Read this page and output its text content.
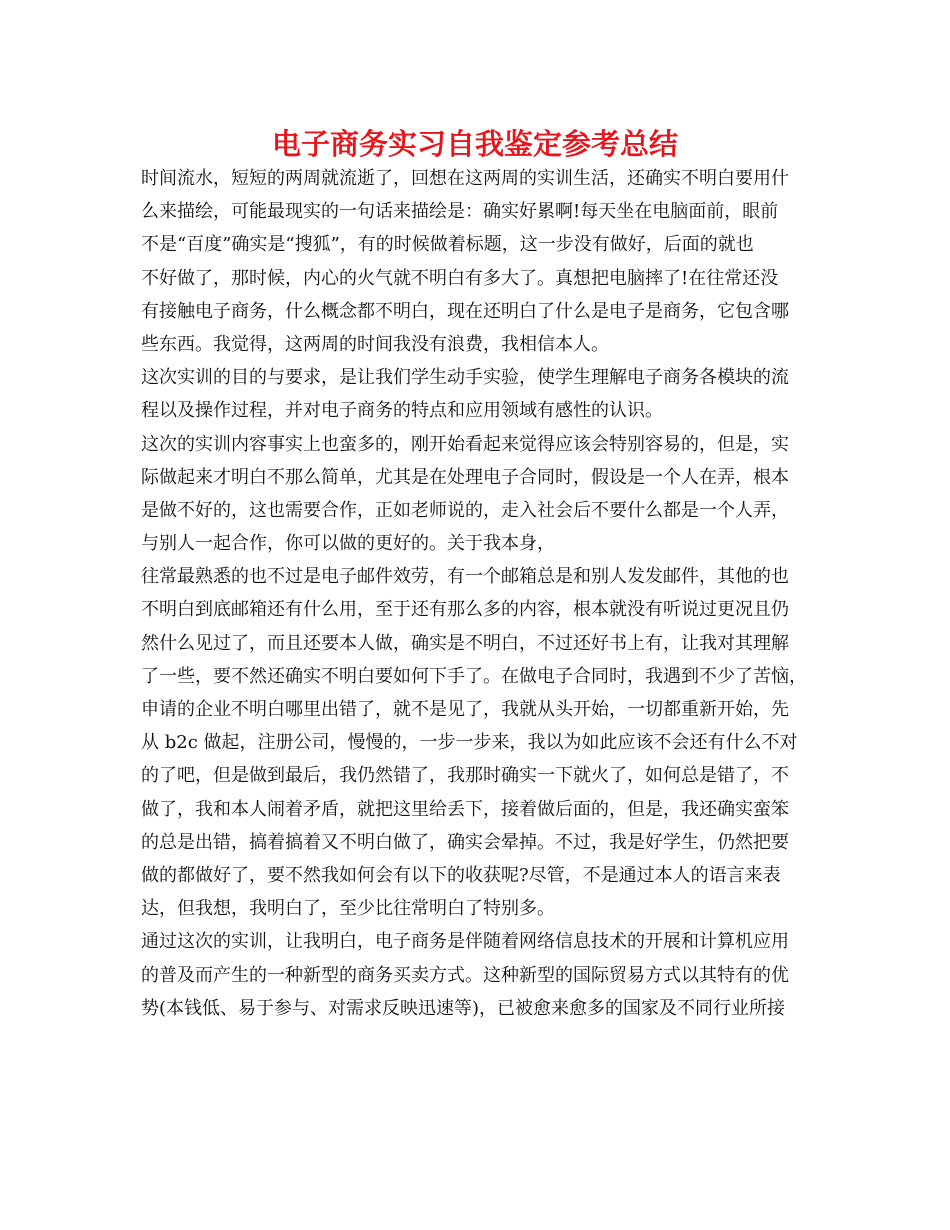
电子商务实习自我鉴定参考总结
时间流水，短短的两周就流逝了，回想在这两周的实训生活，还确实不明白要用什
么来描绘，可能最现实的一句话来描绘是：确实好累啊!每天坐在电脑面前，眼前
不是“百度”确实是“搜狐”，有的时候做着标题，这一步没有做好，后面的就也
不好做了，那时候，内心的火气就不明白有多大了。真想把电脑摔了!在往常还没
有接触电子商务，什么概念都不明白，现在还明白了什么是电子是商务，它包含哪
些东西。我觉得，这两周的时间我没有浪费，我相信本人。
这次实训的目的与要求，是让我们学生动手实验，使学生理解电子商务各模块的流
程以及操作过程，并对电子商务的特点和应用领域有感性的认识。
这次的实训内容事实上也蛮多的，刚开始看起来觉得应该会特别容易的，但是，实
际做起来才明白不那么简单，尤其是在处理电子合同时，假设是一个人在弄，根本
是做不好的，这也需要合作，正如老师说的，走入社会后不要什么都是一个人弄，
与别人一起合作，你可以做的更好的。关于我本身，
往常最熟悉的也不过是电子邮件效劳，有一个邮箱总是和别人发发邮件，其他的也
不明白到底邮箱还有什么用，至于还有那么多的内容，根本就没有听说过更况且仍
然什么见过了，而且还要本人做，确实是不明白，不过还好书上有，让我对其理解
了一些，要不然还确实不明白要如何下手了。在做电子合同时，我遇到不少了苦恼，
申请的企业不明白哪里出错了，就不是见了，我就从头开始，一切都重新开始，先
从 b2c 做起，注册公司，慢慢的，一步一步来，我以为如此应该不会还有什么不对
的了吧，但是做到最后，我仍然错了，我那时确实一下就火了，如何总是错了，不
做了，我和本人闹着矛盾，就把这里给丢下，接着做后面的，但是，我还确实蛮笨
的总是出错，搞着搞着又不明白做了，确实会晕掉。不过，我是好学生，仍然把要
做的都做好了，要不然我如何会有以下的收获呢?尽管，不是通过本人的语言来表
达，但我想，我明白了，至少比往常明白了特别多。
通过这次的实训，让我明白，电子商务是伴随着网络信息技术的开展和计算机应用
的普及而产生的一种新型的商务买卖方式。这种新型的国际贸易方式以其特有的优
势(本钱低、易于参与、对需求反映迅速等)，已被愈来愈多的国家及不同行业所接
